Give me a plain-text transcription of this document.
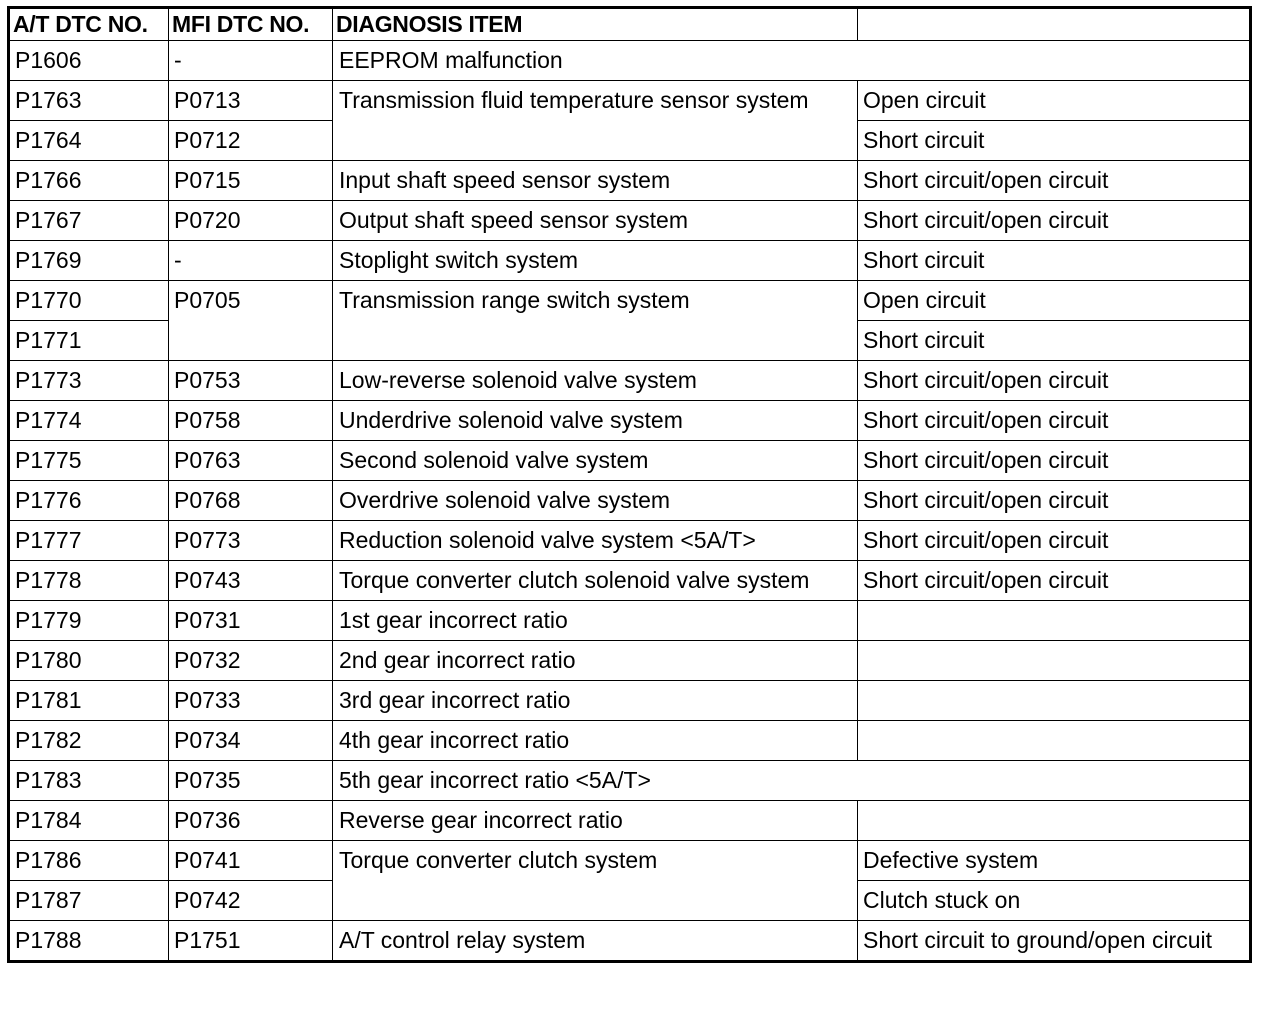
A/T DTC NO.	MFI DTC NO.	DIAGNOSIS ITEM	
P1606	-	EEPROM malfunction	
P1763	P0713	Transmission fluid temperature sensor system	Open circuit
P1764	P0712		Short circuit
P1766	P0715	Input shaft speed sensor system	Short circuit/open circuit
P1767	P0720	Output shaft speed sensor system	Short circuit/open circuit
P1769	-	Stoplight switch system	Short circuit
P1770	P0705	Transmission range switch system	Open circuit
P1771			Short circuit
P1773	P0753	Low-reverse solenoid valve system	Short circuit/open circuit
P1774	P0758	Underdrive solenoid valve system	Short circuit/open circuit
P1775	P0763	Second solenoid valve system	Short circuit/open circuit
P1776	P0768	Overdrive solenoid valve system	Short circuit/open circuit
P1777	P0773	Reduction solenoid valve system <5A/T>	Short circuit/open circuit
P1778	P0743	Torque converter clutch solenoid valve system	Short circuit/open circuit
P1779	P0731	1st gear incorrect ratio	
P1780	P0732	2nd gear incorrect ratio	
P1781	P0733	3rd gear incorrect ratio	
P1782	P0734	4th gear incorrect ratio	
P1783	P0735	5th gear incorrect ratio <5A/T>	
P1784	P0736	Reverse gear incorrect ratio	
P1786	P0741	Torque converter clutch system	Defective system
P1787	P0742		Clutch stuck on
P1788	P1751	A/T control relay system	Short circuit to ground/open circuit
